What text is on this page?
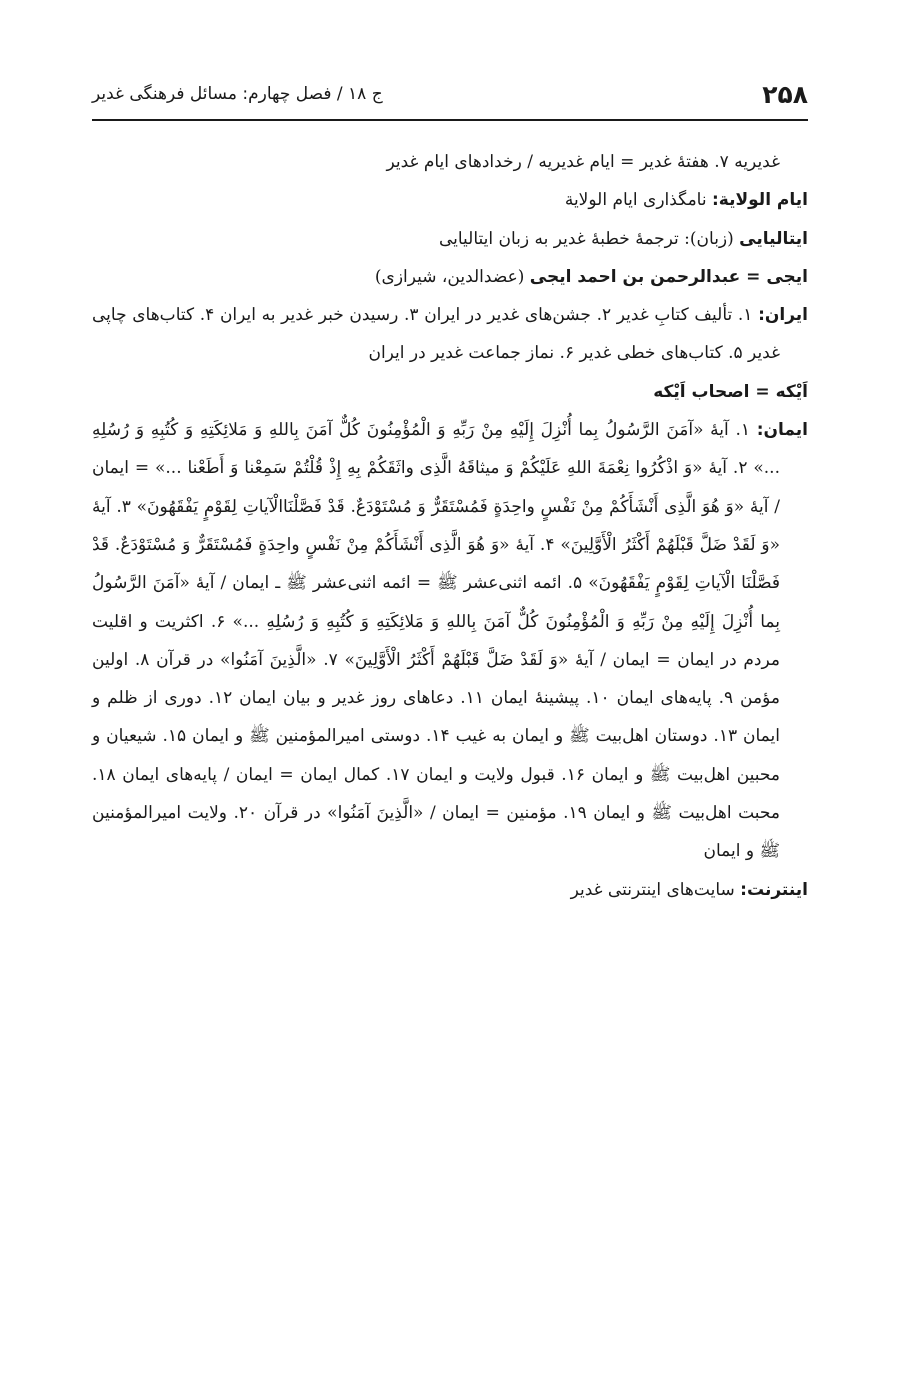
۲۵۸
ج ۱۸ / فصل چهارم: مسائل فرهنگی غدیر

غدیریه ۷. هفتهٔ غدیر = ایام غدیریه / رخدادهای ایام غدیر

ایام الولایة: نامگذاری ایام الولایة

ایتالیایی (زبان): ترجمهٔ خطبهٔ غدیر به زبان ایتالیایی

ایجی = عبدالرحمن بن احمد ایجی (عضدالدین، شیرازی)

ایران: ۱. تألیف کتابِ غدیر ۲. جشن‌های غدیر در ایران ۳. رسیدن خبر غدیر به ایران ۴. کتاب‌های چاپی غدیر ۵. کتاب‌های خطی غدیر ۶. نماز جماعت غدیر در ایران

اَیْکه = اصحاب اَیْکه

ایمان: ۱. آیهٔ «آمَنَ الرَّسُولُ بِما أُنْزِلَ إِلَیْهِ مِنْ رَبِّهِ وَ الْمُؤْمِنُونَ کُلٌّ آمَنَ بِاللهِ وَ مَلائِکَتِهِ وَ کُتُبِهِ وَ رُسُلِهِ ...» ۲. آیهٔ «وَ اذْکُرُوا نِعْمَةَ اللهِ عَلَیْکُمْ وَ میثاقَهُ الَّذِی واثَقَکُمْ بِهِ إِذْ قُلْتُمْ سَمِعْنا وَ أَطَعْنا ...» = ایمان / آیهٔ «وَ هُوَ الَّذِی أَنْشَأَکُمْ مِنْ نَفْسٍ واحِدَةٍ فَمُسْتَقَرٌّ وَ مُسْتَوْدَعٌ. قَدْ فَصَّلْنَاالْآیاتِ لِقَوْمٍ یَفْقَهُونَ» ۳. آیهٔ «وَ لَقَدْ ضَلَّ قَبْلَهُمْ أَکْثَرُ الْأَوَّلِینَ» ۴. آیهٔ «وَ هُوَ الَّذِی أَنْشَأَکُمْ مِنْ نَفْسٍ واحِدَةٍ فَمُسْتَقَرٌّ وَ مُسْتَوْدَعٌ. قَدْ فَصَّلْنَا الْآیاتِ لِقَوْمٍ یَفْقَهُونَ» ۵. ائمه اثنی‌عشر ﷺ = ائمه اثنی‌عشر ﷺ ـ ایمان / آیهٔ «آمَنَ الرَّسُولُ بِما أُنْزِلَ إِلَیْهِ مِنْ رَبِّهِ وَ الْمُؤْمِنُونَ کُلٌّ آمَنَ بِاللهِ وَ مَلائِکَتِهِ وَ کُتُبِهِ وَ رُسُلِهِ ...» ۶. اکثریت و اقلیت مردم در ایمان = ایمان / آیهٔ «وَ لَقَدْ ضَلَّ قَبْلَهُمْ أَکْثَرُ الْأَوَّلِینَ» ۷. «الَّذِینَ آمَنُوا» در قرآن ۸. اولین مؤمن ۹. پایه‌های ایمان ۱۰. پیشینهٔ ایمان ۱۱. دعاهای روز غدیر و بیان ایمان ۱۲. دوری از ظلم و ایمان ۱۳. دوستان اهل‌بیت ﷺ و ایمان به غیب ۱۴. دوستی امیرالمؤمنین ﷺ و ایمان ۱۵. شیعیان و محبین اهل‌بیت ﷺ و ایمان ۱۶. قبول ولایت و ایمان ۱۷. کمال ایمان = ایمان / پایه‌های ایمان ۱۸. محبت اهل‌بیت ﷺ و ایمان ۱۹. مؤمنین = ایمان / «الَّذِینَ آمَنُوا» در قرآن ۲۰. ولایت امیرالمؤمنین ﷺ و ایمان

اینترنت: سایت‌های اینترنتی غدیر
